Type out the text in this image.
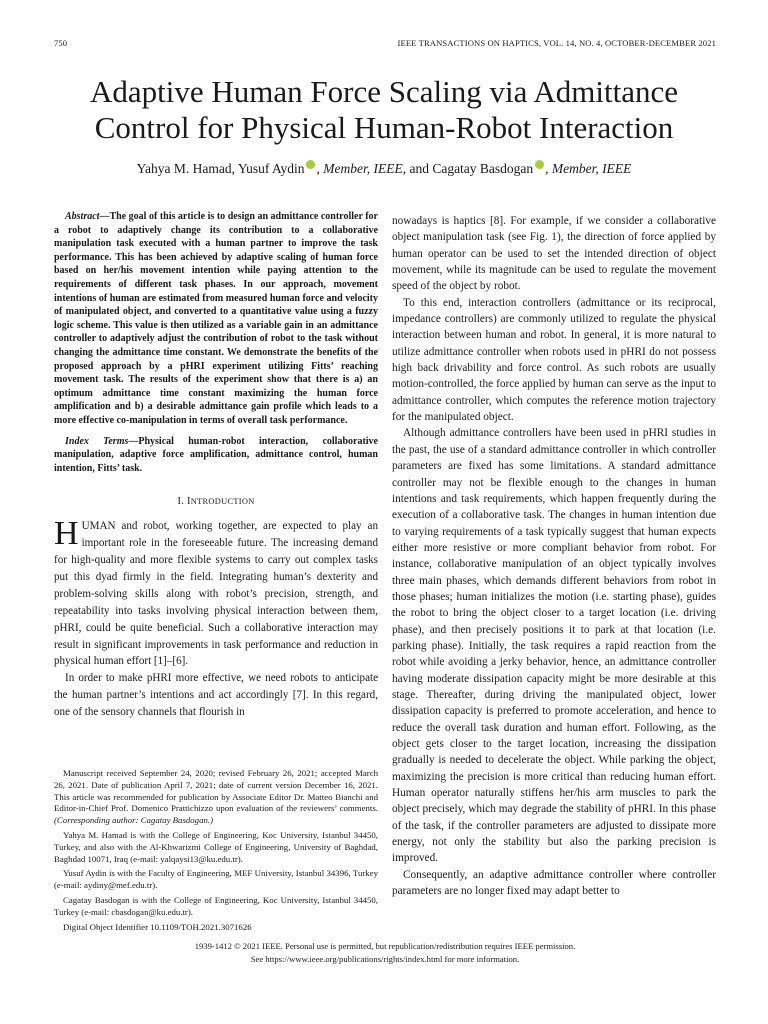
750	IEEE TRANSACTIONS ON HAPTICS, VOL. 14, NO. 4, OCTOBER-DECEMBER 2021
Adaptive Human Force Scaling via Admittance
Control for Physical Human-Robot Interaction
Yahya M. Hamad, Yusuf Aydin , Member, IEEE, and Cagatay Basdogan , Member, IEEE

Abstract—The goal of this article is to design an admittance controller for a robot to adaptively change its contribution to a collaborative manipulation task executed with a human partner to improve the task performance. This has been achieved by adaptive scaling of human force based on her/his movement intention while paying attention to the requirements of different task phases. In our approach, movement intentions of human are estimated from measured human force and velocity of manipulated object, and converted to a quantitative value using a fuzzy logic scheme. This value is then utilized as a variable gain in an admittance controller to adaptively adjust the contribution of robot to the task without changing the admittance time constant. We demonstrate the benefits of the proposed approach by a pHRI experiment utilizing Fitts’ reaching movement task. The results of the experiment show that there is a) an optimum admittance time constant maximizing the human force amplification and b) a desirable admittance gain profile which leads to a more effective co-manipulation in terms of overall task performance.

Index Terms—Physical human-robot interaction, collaborative manipulation, adaptive force amplification, admittance control, human intention, Fitts’ task.

I. INTRODUCTION

HUMAN and robot, working together, are expected to play an important role in the foreseeable future. The increasing demand for high-quality and more flexible systems to carry out complex tasks put this dyad firmly in the field. Integrating human’s dexterity and problem-solving skills along with robot’s precision, strength, and repeatability into tasks involving physical interaction between them, pHRI, could be quite beneficial. Such a collaborative interaction may result in significant improvements in task performance and reduction in physical human effort [1]–[6].

In order to make pHRI more effective, we need robots to anticipate the human partner’s intentions and act accordingly [7]. In this regard, one of the sensory channels that flourish in

Manuscript received September 24, 2020; revised February 26, 2021; accepted March 26, 2021. Date of publication April 7, 2021; date of current version December 16, 2021. This article was recommended for publication by Associate Editor Dr. Matteo Bianchi and Editor-in-Chief Prof. Domenico Prattichizzo upon evaluation of the reviewers’ comments. (Corresponding author: Cagatay Basdogan.)

Yahya M. Hamad is with the College of Engineering, Koc University, Istanbul 34450, Turkey, and also with the Al-Khwarizmi College of Engineering, University of Baghdad, Baghdad 10071, Iraq (e-mail: yalqaysi13@ku.edu.tr).

Yusuf Aydin is with the Faculty of Engineering, MEF University, Istanbul 34396, Turkey (e-mail: aydiny@mef.edu.tr).

Cagatay Basdogan is with the College of Engineering, Koc University, Istanbul 34450, Turkey (e-mail: cbasdogan@ku.edu.tr).

Digital Object Identifier 10.1109/TOH.2021.3071626

nowadays is haptics [8]. For example, if we consider a collaborative object manipulation task (see Fig. 1), the direction of force applied by human operator can be used to set the intended direction of object movement, while its magnitude can be used to regulate the movement speed of the object by robot.

To this end, interaction controllers (admittance or its reciprocal, impedance controllers) are commonly utilized to regulate the physical interaction between human and robot. In general, it is more natural to utilize admittance controller when robots used in pHRI do not possess high back drivability and force control. As such robots are usually motion-controlled, the force applied by human can serve as the input to admittance controller, which computes the reference motion trajectory for the manipulated object.

Although admittance controllers have been used in pHRI studies in the past, the use of a standard admittance controller in which controller parameters are fixed has some limitations. A standard admittance controller may not be flexible enough to the changes in human intentions and task requirements, which happen frequently during the execution of a collaborative task. The changes in human intention due to varying requirements of a task typically suggest that human expects either more resistive or more compliant behavior from robot. For instance, collaborative manipulation of an object typically involves three main phases, which demands different behaviors from robot in those phases; human initializes the motion (i.e. starting phase), guides the robot to bring the object closer to a target location (i.e. driving phase), and then precisely positions it to park at that location (i.e. parking phase). Initially, the task requires a rapid reaction from the robot while avoiding a jerky behavior, hence, an admittance controller having moderate dissipation capacity might be more desirable at this stage. Thereafter, during driving the manipulated object, lower dissipation capacity is preferred to promote acceleration, and hence to reduce the overall task duration and human effort. Following, as the object gets closer to the target location, increasing the dissipation gradually is needed to decelerate the object. While parking the object, maximizing the precision is more critical than reducing human effort. Human operator naturally stiffens her/his arm muscles to park the object precisely, which may degrade the stability of pHRI. In this phase of the task, if the controller parameters are adjusted to dissipate more energy, not only the stability but also the parking precision is improved.

Consequently, an adaptive admittance controller where controller parameters are no longer fixed may adapt better to

1939-1412 © 2021 IEEE. Personal use is permitted, but republication/redistribution requires IEEE permission.
See https://www.ieee.org/publications/rights/index.html for more information.
